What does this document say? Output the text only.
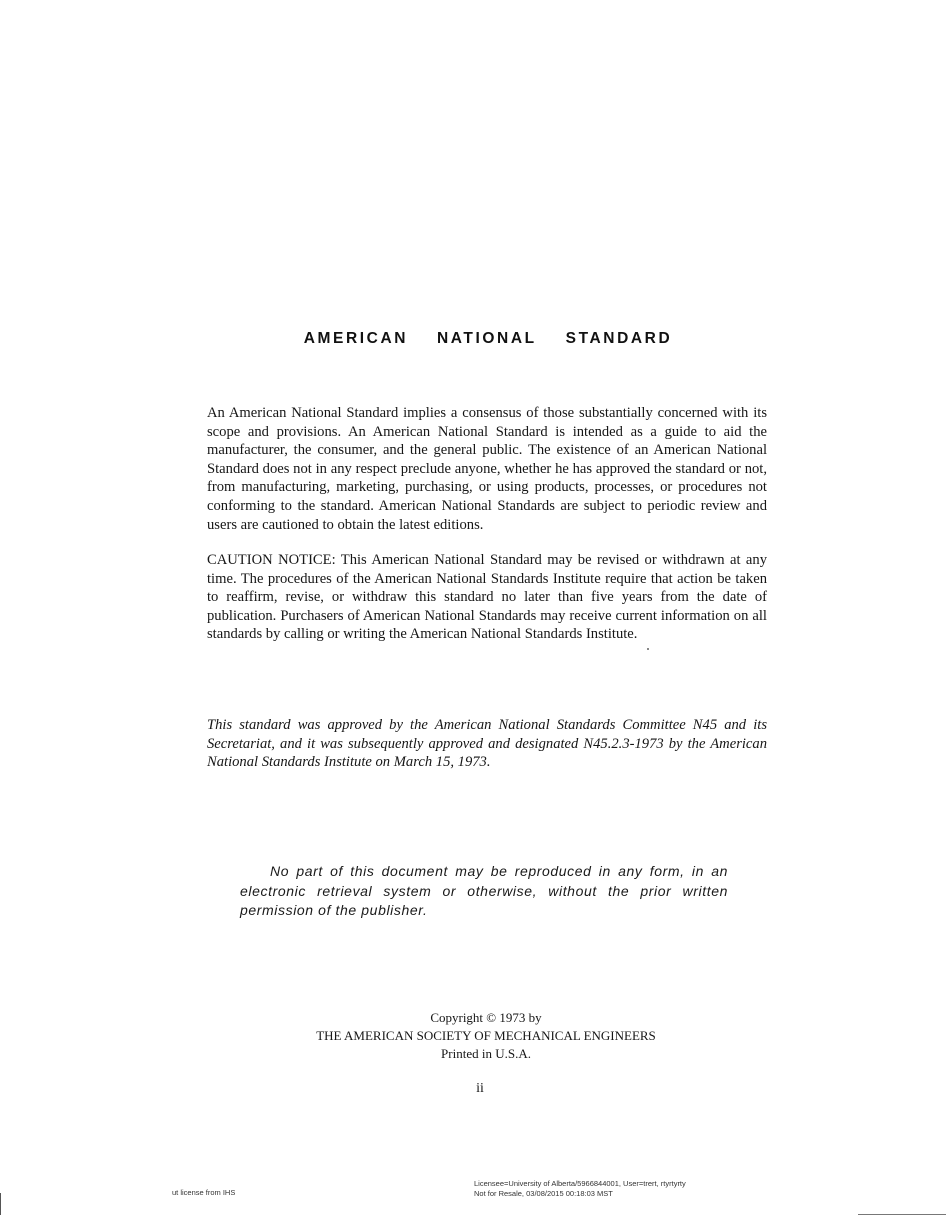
AMERICAN NATIONAL STANDARD
An American National Standard implies a consensus of those substantially concerned with its scope and provisions. An American National Standard is intended as a guide to aid the manufacturer, the consumer, and the general public. The existence of an American National Standard does not in any respect preclude anyone, whether he has approved the standard or not, from manufacturing, marketing, purchasing, or using products, processes, or procedures not conforming to the standard. American National Standards are subject to periodic review and users are cautioned to obtain the latest editions.
CAUTION NOTICE: This American National Standard may be revised or withdrawn at any time. The procedures of the American National Standards Institute require that action be taken to reaffirm, revise, or withdraw this standard no later than five years from the date of publication. Purchasers of American National Standards may receive current information on all standards by calling or writing the American National Standards Institute.
This standard was approved by the American National Standards Committee N45 and its Secretariat, and it was subsequently approved and designated N45.2.3-1973 by the American National Standards Institute on March 15, 1973.
No part of this document may be reproduced in any form, in an electronic retrieval system or otherwise, without the prior written permission of the publisher.
Copyright © 1973 by
THE AMERICAN SOCIETY OF MECHANICAL ENGINEERS
Printed in U.S.A.
ii
ut license from IHS
Licensee=University of Alberta/5966844001, User=trert, rtyrtyrty
Not for Resale, 03/08/2015 00:18:03 MST
